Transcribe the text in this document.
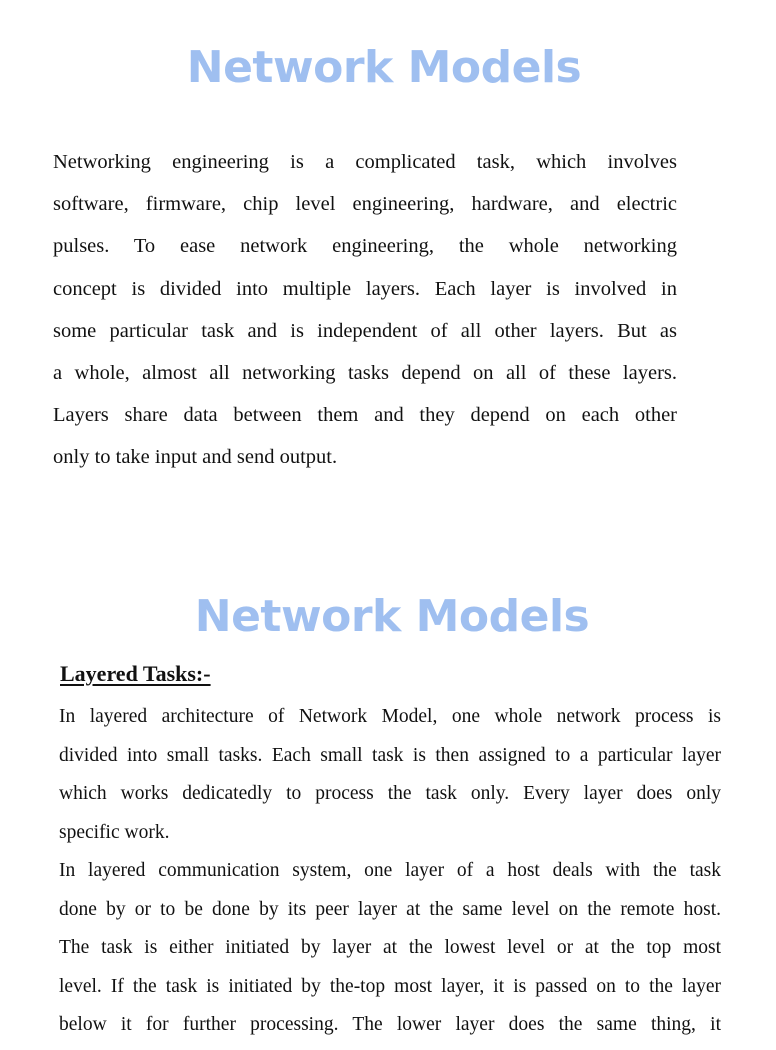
Network Models
Networking engineering is a complicated task, which involves
software, firmware, chip level engineering, hardware, and electric
pulses. To ease network engineering, the whole networking
concept is divided into multiple layers. Each layer is involved in
some particular task and is independent of all other layers. But as
a whole, almost all networking tasks depend on all of these layers.
Layers share data between them and they depend on each other
only to take input and send output.
Network Models
Layered Tasks:-
In layered architecture of Network Model, one whole network process is
divided into small tasks. Each small task is then assigned to a particular layer
which works dedicatedly to process the task only. Every layer does only
specific work.
In layered communication system, one layer of a host deals with the task
done by or to be done by its peer layer at the same level on the remote host.
The task is either initiated by layer at the lowest level or at the top most
level. If the task is initiated by the-top most layer, it is passed on to the layer
below it for further processing. The lower layer does the same thing, it
